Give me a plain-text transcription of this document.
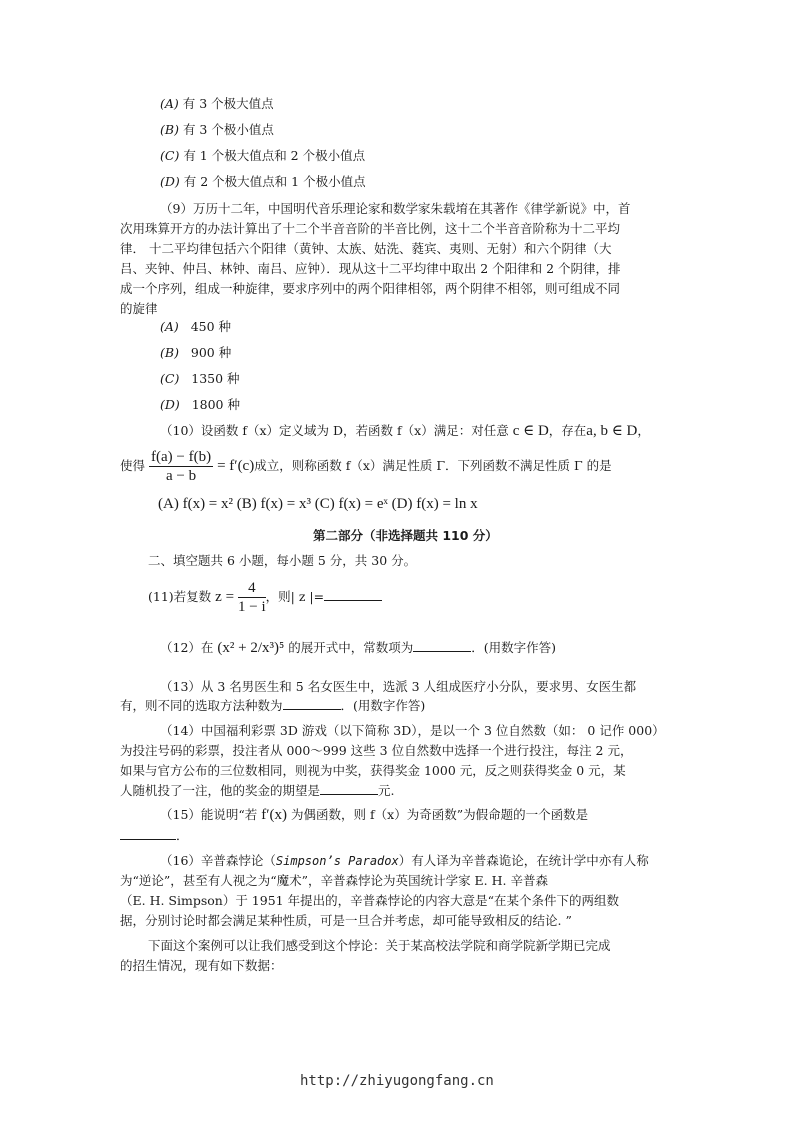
(A) 有 3 个极大值点
(B) 有 3 个极小值点
(C) 有 1 个极大值点和 2 个极小值点
(D) 有 2 个极大值点和 1 个极小值点
（9）万历十二年，中国明代音乐理论家和数学家朱载堉在其著作《律学新说》中，首
次用珠算开方的办法计算出了十二个半音音阶的半音比例，这十二个半音音阶称为十二平均
律． 十二平均律包括六个阳律（黄钟、太族、姑洗、蕤宾、夷则、无射）和六个阴律（大
吕、夹钟、仲吕、林钟、南吕、应钟）．现从这十二平均律中取出 2 个阳律和 2 个阴律，排
成一个序列，组成一种旋律，要求序列中的两个阳律相邻，两个阴律不相邻，则可组成不同
的旋律
(A) 450 种
(B) 900 种
(C) 1350 种
(D) 1800 种
（10）设函数 f（x）定义域为 D，若函数 f（x）满足：对任意 c ∈ D，存在a, b ∈ D，
使得 $\frac{f(a) - f(b)}{a - b} = f'(c)$成立，则称函数 f（x）满足性质 Γ．下列函数不满足性质 Γ 的是
(A) f(x) = x² (B) f(x) = x³ (C) f(x) = eˣ (D) f(x) = ln x
第二部分（非选择题共 110 分）
二、填空题共 6 小题，每小题 5 分，共 30 分。
(11)若复数 $z = \frac{4}{1 - i}$ ，则| z |=
（12）在 (x² + 2/x³)⁵ 的展开式中，常数项为	．(用数字作答)
（13）从 3 名男医生和 5 名女医生中，选派 3 人组成医疗小分队，要求男、女医生都
有，则不同的选取方法种数为	．(用数字作答)
（14）中国福利彩票 3D 游戏（以下简称 3D），是以一个 3 位自然数（如： 0 记作 000）
为投注号码的彩票，投注者从 000～999 这些 3 位自然数中选择一个进行投注，每注 2 元，
如果与官方公布的三位数相同，则视为中奖，获得奖金 1000 元，反之则获得奖金 0 元，某
人随机投了一注，他的奖金的期望是	元.
（15）能说明“若 f′(x) 为偶函数，则 f（x）为奇函数”为假命题的一个函数是
．
（16）辛普森悖论（Simpson’s Paradox）有人译为辛普森诡论，在统计学中亦有人称
为“逆论”，甚至有人视之为“魔术”，辛普森悖论为英国统计学家 E. H. 辛普森
（E. H. Simpson）于 1951 年提出的，辛普森悖论的内容大意是“在某个条件下的两组数
据，分别讨论时都会满足某种性质，可是一旦合并考虑，却可能导致相反的结论. ”
下面这个案例可以让我们感受到这个悖论：关于某高校法学院和商学院新学期已完成
的招生情况，现有如下数据：
http://zhiyugongfang.cn
